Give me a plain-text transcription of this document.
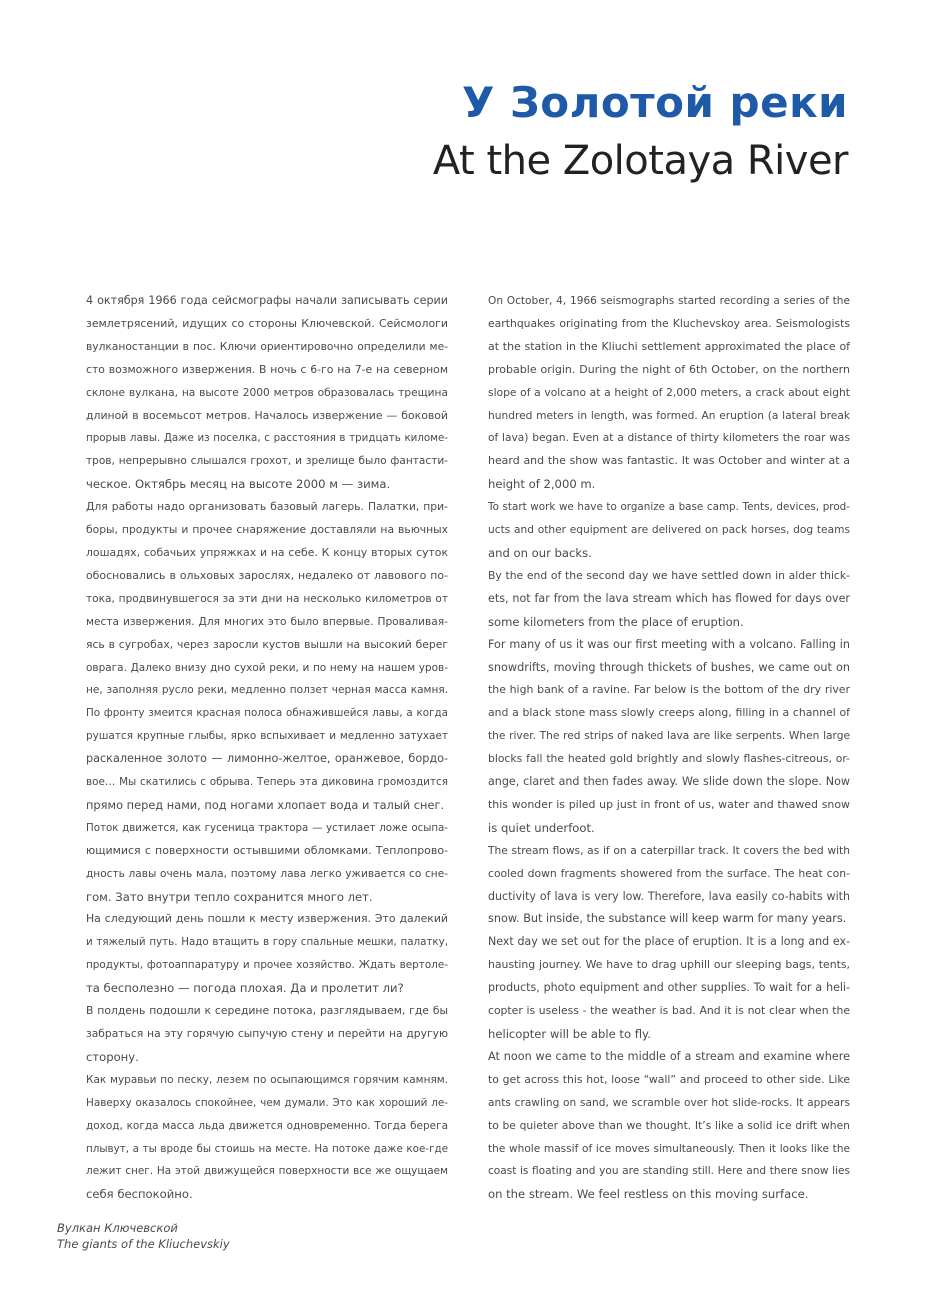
У Золотой реки
At the Zolotaya River

4 октября 1966 года сейсмографы начали записывать серии
землетрясений, идущих со стороны Ключевской. Сейсмологи
вулканостанции в пос. Ключи ориентировочно определили ме-
сто возможного извержения. В ночь с 6-го на 7-е на северном
склоне вулкана, на высоте 2000 метров образовалась трещина
длиной в восемьсот метров. Началось извержение — боковой
прорыв лавы. Даже из поселка, с расстояния в тридцать киломе-
тров, непрерывно слышался грохот, и зрелище было фантасти-
ческое. Октябрь месяц на высоте 2000 м — зима.

Для работы надо организовать базовый лагерь. Палатки, при-
боры, продукты и прочее снаряжение доставляли на вьючных
лошадях, собачьих упряжках и на себе. К концу вторых суток
обосновались в ольховых зарослях, недалеко от лавового по-
тока, продвинувшегося за эти дни на несколько километров от
места извержения. Для многих это было впервые. Проваливая-
ясь в сугробах, через заросли кустов вышли на высокий берег
оврага. Далеко внизу дно сухой реки, и по нему на нашем уров-
не, заполняя русло реки, медленно ползет черная масса камня.
По фронту змеится красная полоса обнажившейся лавы, а когда
рушатся крупные глыбы, ярко вспыхивает и медленно затухает
раскаленное золото — лимонно-желтое, оранжевое, бордо-
вое… Мы скатились с обрыва. Теперь эта диковина громоздится
прямо перед нами, под ногами хлопает вода и талый снег.

Поток движется, как гусеница трактора — устилает ложе осыпа-
ющимися с поверхности остывшими обломками. Теплопрово-
дность лавы очень мала, поэтому лава легко уживается со сне-
гом. Зато внутри тепло сохранится много лет.

На следующий день пошли к месту извержения. Это далекий
и тяжелый путь. Надо втащить в гору спальные мешки, палатку,
продукты, фотоаппаратуру и прочее хозяйство. Ждать вертоле-
та бесполезно — погода плохая. Да и пролетит ли?

В полдень подошли к середине потока, разглядываем, где бы
забраться на эту горячую сыпучую стену и перейти на другую
сторону.

Как муравьи по песку, лезем по осыпающимся горячим камням.
Наверху оказалось спокойнее, чем думали. Это как хороший ле-
доход, когда масса льда движется одновременно. Тогда берега
плывут, а ты вроде бы стоишь на месте. На потоке даже кое-где
лежит снег. На этой движущейся поверхности все же ощущаем
себя беспокойно.

On October, 4, 1966 seismographs started recording a series of the
earthquakes originating from the Kluchevskoy area. Seismologists
at the station in the Kliuchi settlement approximated the place of
probable origin. During the night of 6th October, on the northern
slope of a volcano at a height of 2,000 meters, a crack about eight
hundred meters in length, was formed. An eruption (a lateral break
of lava) began. Even at a distance of thirty kilometers the roar was
heard and the show was fantastic. It was October and winter at a
height of 2,000 m.

To start work we have to organize a base camp. Tents, devices, prod-
ucts and other equipment are delivered on pack horses, dog teams
and on our backs.

By the end of the second day we have settled down in alder thick-
ets, not far from the lava stream which has flowed for days over
some kilometers from the place of eruption.

For many of us it was our first meeting with a volcano. Falling in
snowdrifts, moving through thickets of bushes, we came out on
the high bank of a ravine. Far below is the bottom of the dry river
and a black stone mass slowly creeps along, filling in a channel of
the river. The red strips of naked lava are like serpents. When large
blocks fall the heated gold brightly and slowly flashes-citreous, or-
ange, claret and then fades away. We slide down the slope. Now
this wonder is piled up just in front of us, water and thawed snow
is quiet underfoot.

The stream flows, as if on a caterpillar track. It covers the bed with
cooled down fragments showered from the surface. The heat con-
ductivity of lava is very low. Therefore, lava easily co-habits with
snow. But inside, the substance will keep warm for many years.

Next day we set out for the place of eruption. It is a long and ex-
hausting journey. We have to drag uphill our sleeping bags, tents,
products, photo equipment and other supplies. To wait for a heli-
copter is useless - the weather is bad. And it is not clear when the
helicopter will be able to fly.

At noon we came to the middle of a stream and examine where
to get across this hot, loose “wall” and proceed to other side. Like
ants crawling on sand, we scramble over hot slide-rocks. It appears
to be quieter above than we thought. It’s like a solid ice drift when
the whole massif of ice moves simultaneously. Then it looks like the
coast is floating and you are standing still. Here and there snow lies
on the stream. We feel restless on this moving surface.

Вулкан Ключевской
The giants of the Kliuchevskiy
